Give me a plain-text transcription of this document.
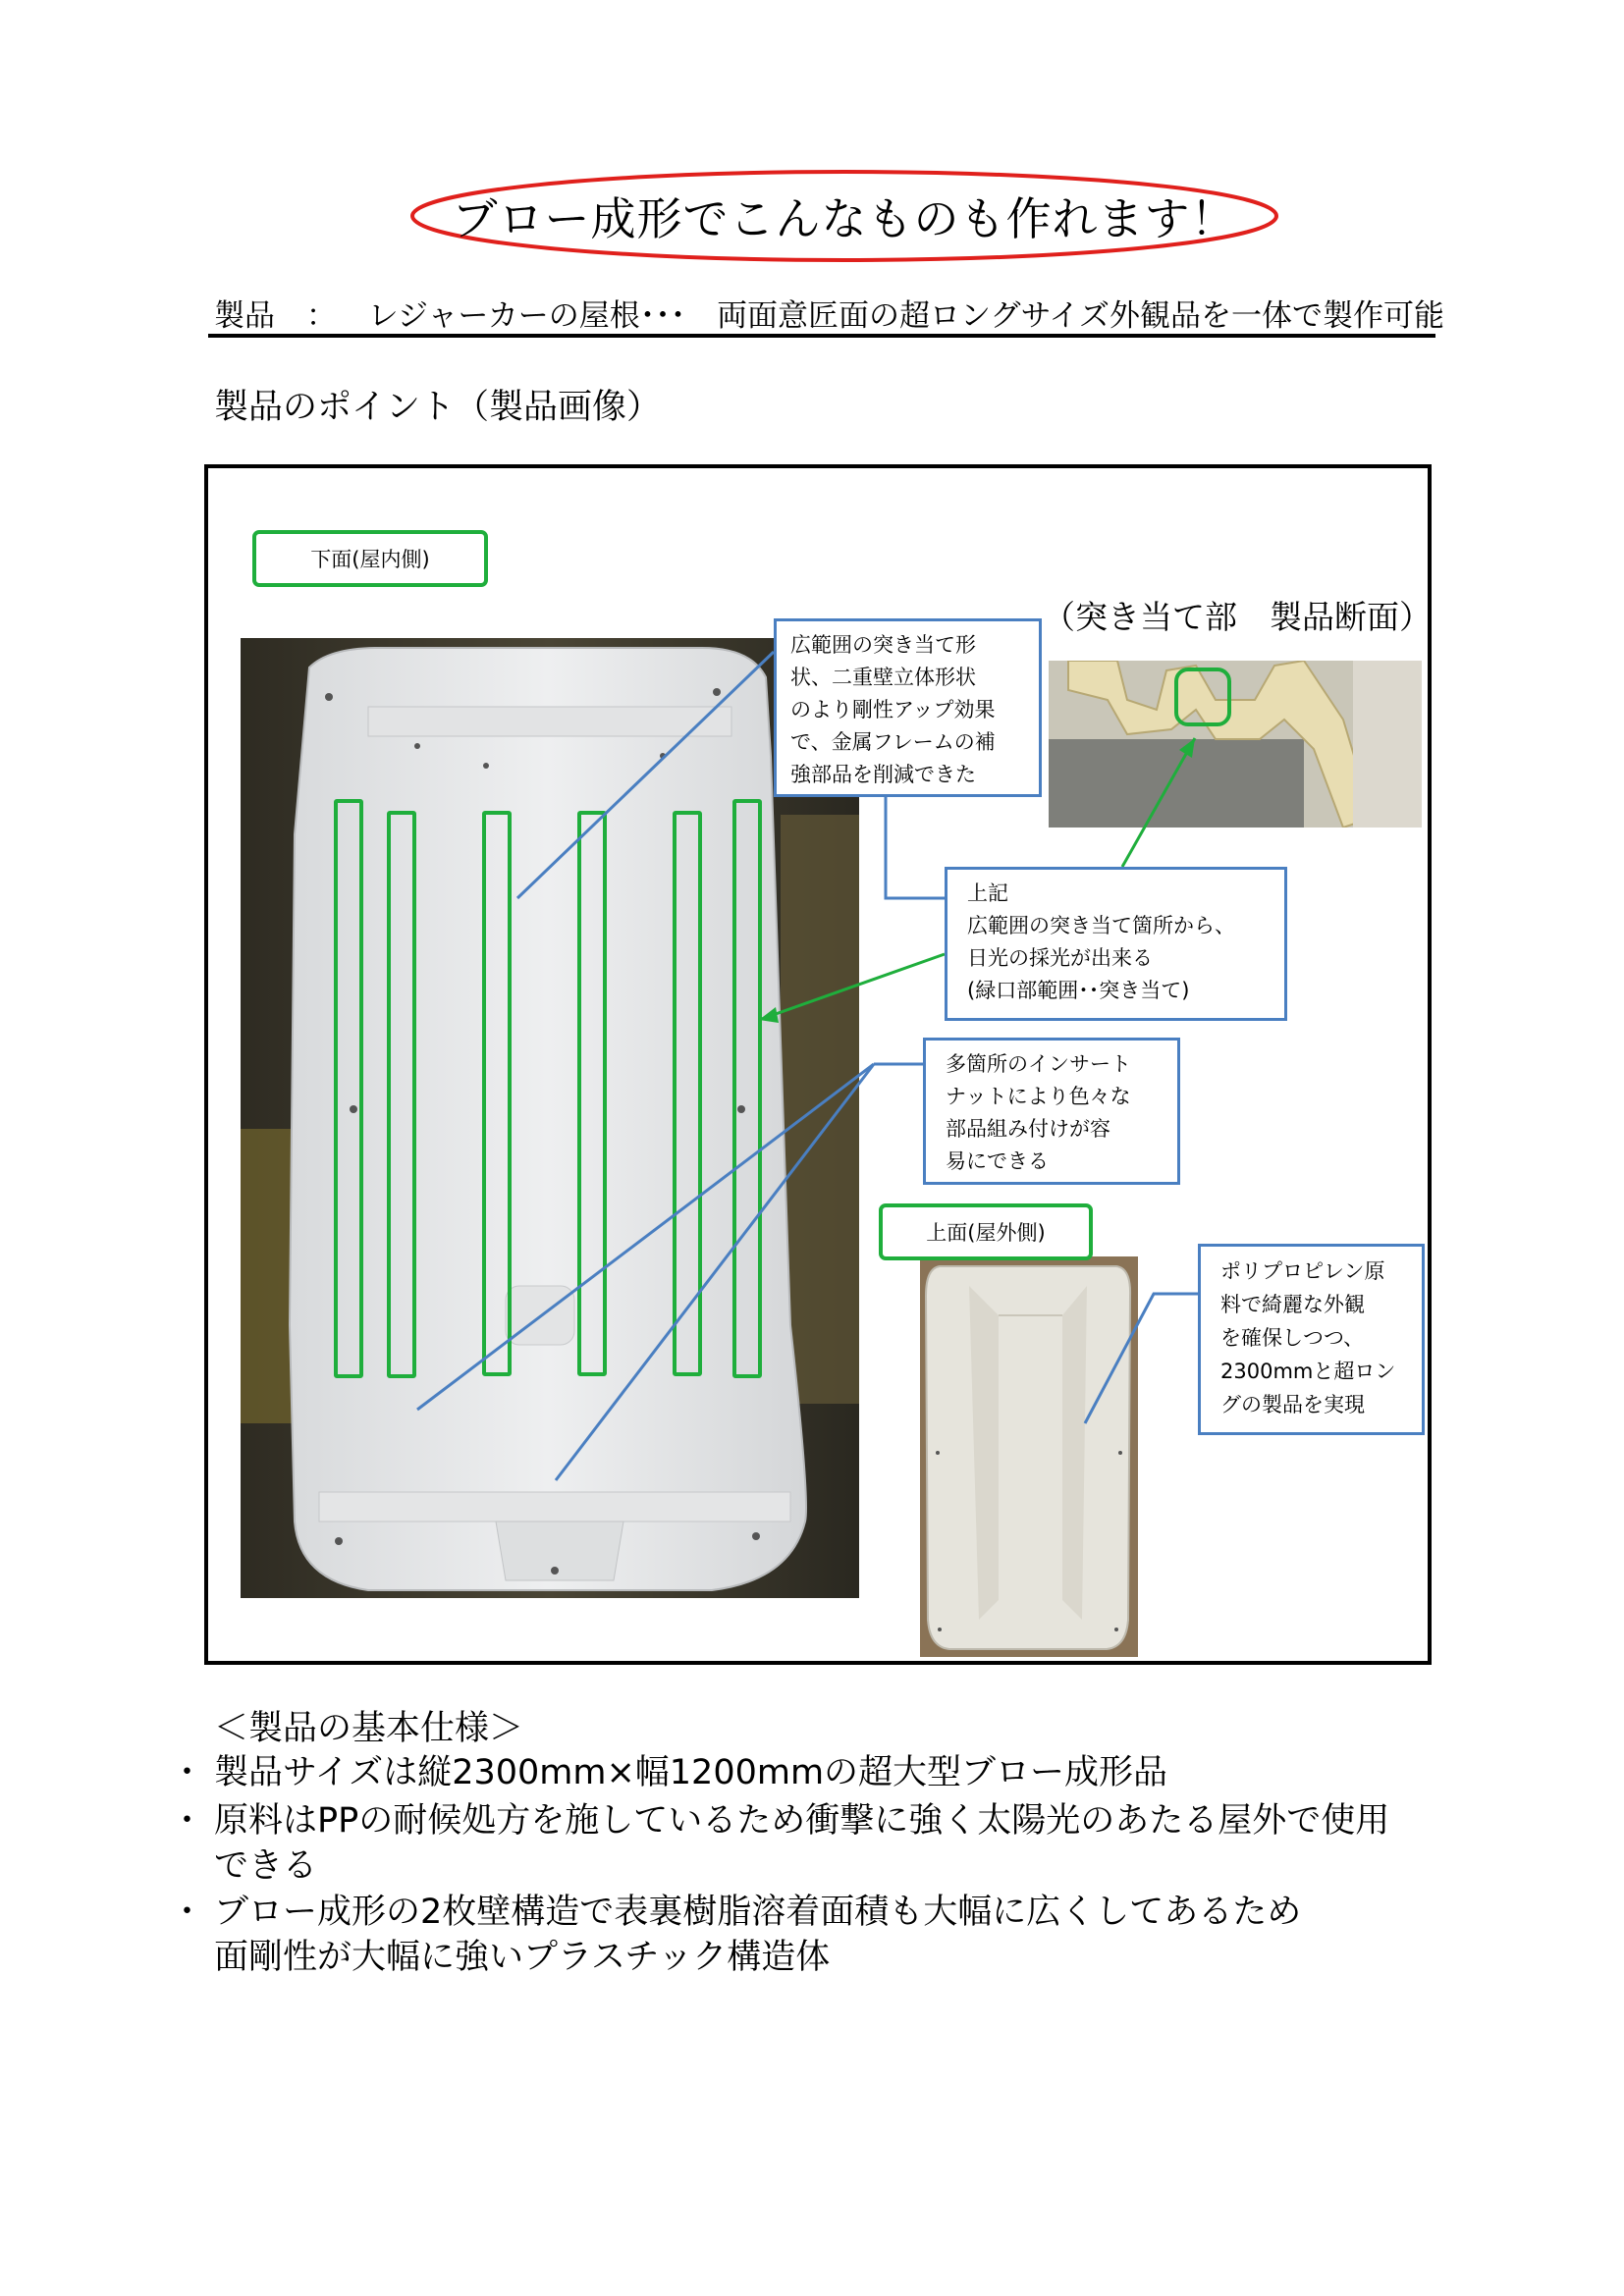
ブロー成形でこんなものも作れます！
製品 ： レジャーカーの屋根･･･ 両面意匠面の超ロングサイズ外観品を一体で製作可能
製品のポイント（製品画像）
下面(屋内側)
上面(屋外側)
（突き当て部　製品断面）
広範囲の突き当て形
状、二重壁立体形状
のより剛性アップ効果
で、金属フレームの補
強部品を削減できた
上記
広範囲の突き当て箇所から、
日光の採光が出来る
(緑口部範囲･･突き当て)
多箇所のインサート
ナットにより色々な
部品組み付けが容
易にできる
ポリプロピレン原
料で綺麗な外観
を確保しつつ、
2300mmと超ロン
グの製品を実現
＜製品の基本仕様＞
・ 製品サイズは縦2300mm×幅1200mmの超大型ブロー成形品
・ 原料はPPの耐候処方を施しているため衝撃に強く太陽光のあたる屋外で使用
できる
・ ブロー成形の2枚壁構造で表裏樹脂溶着面積も大幅に広くしてあるため
面剛性が大幅に強いプラスチック構造体
